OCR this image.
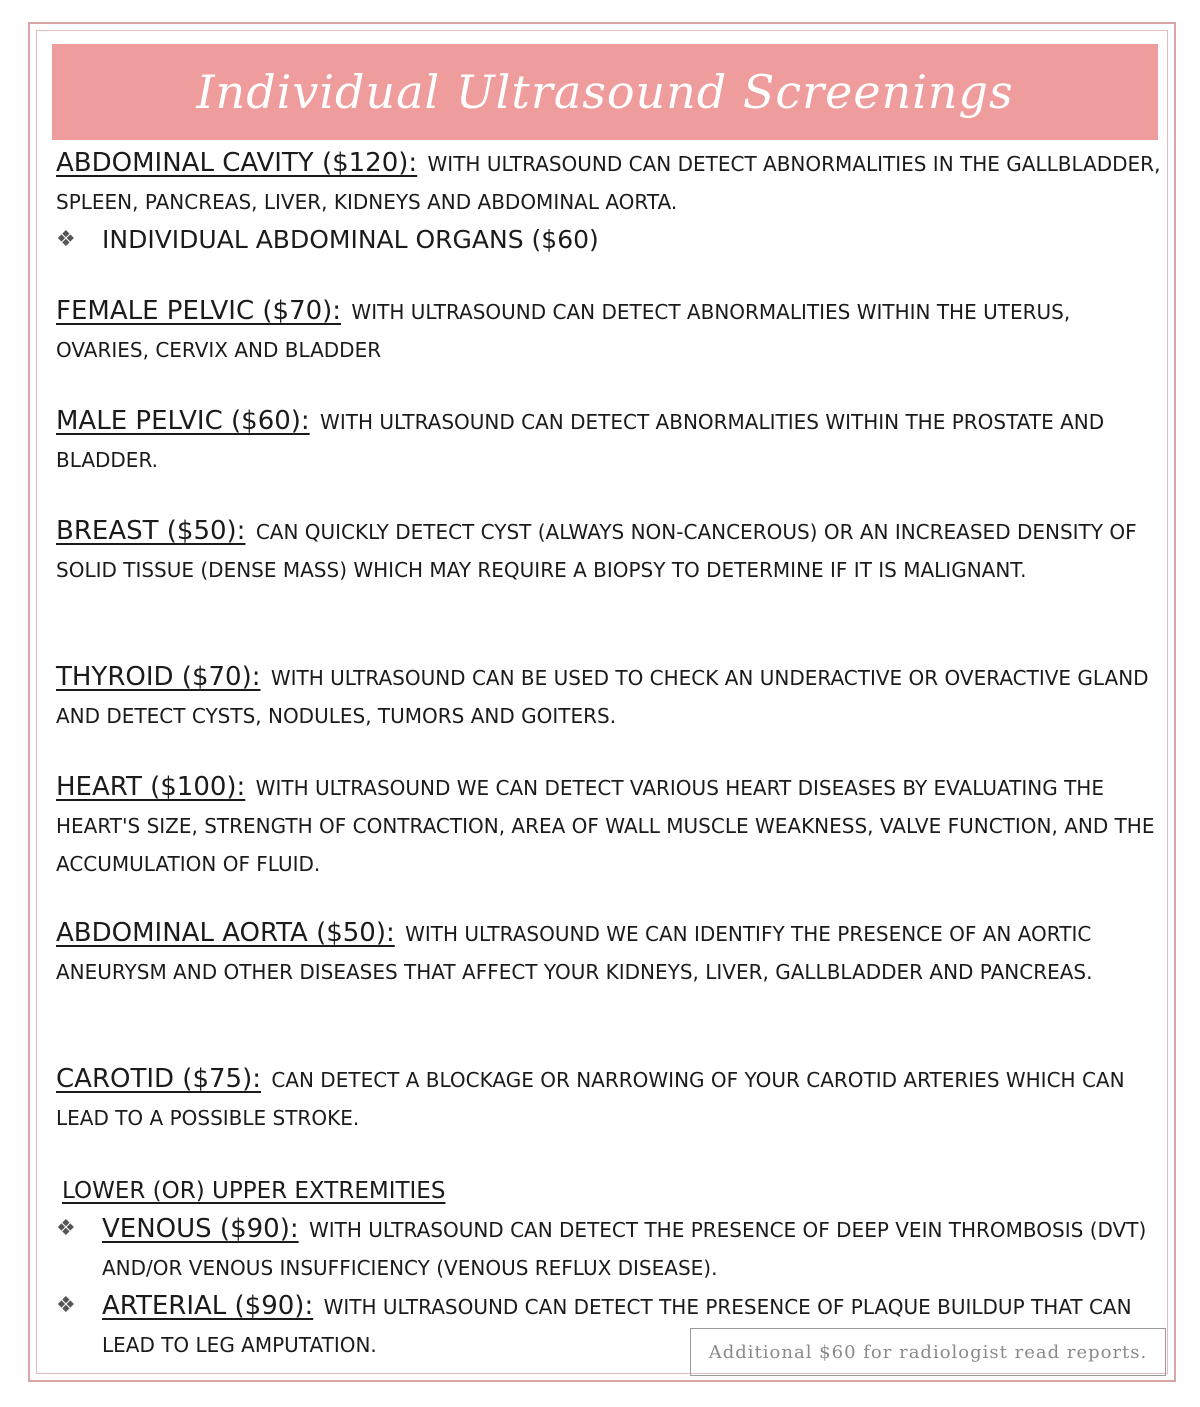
Individual Ultrasound Screenings
ABDOMINAL CAVITY ($120): WITH ULTRASOUND CAN DETECT ABNORMALITIES IN THE GALLBLADDER, SPLEEN, PANCREAS, LIVER, KIDNEYS AND ABDOMINAL AORTA.
❖	INDIVIDUAL ABDOMINAL ORGANS ($60)
FEMALE PELVIC ($70): WITH ULTRASOUND CAN DETECT ABNORMALITIES WITHIN THE UTERUS, OVARIES, CERVIX AND BLADDER
MALE PELVIC ($60): WITH ULTRASOUND CAN DETECT ABNORMALITIES WITHIN THE PROSTATE AND BLADDER.
BREAST ($50): CAN QUICKLY DETECT CYST (ALWAYS NON-CANCEROUS) OR AN INCREASED DENSITY OF SOLID TISSUE (DENSE MASS) WHICH MAY REQUIRE A BIOPSY TO DETERMINE IF IT IS MALIGNANT.
THYROID ($70): WITH ULTRASOUND CAN BE USED TO CHECK AN UNDERACTIVE OR OVERACTIVE GLAND AND DETECT CYSTS, NODULES, TUMORS AND GOITERS.
HEART ($100): WITH ULTRASOUND WE CAN DETECT VARIOUS HEART DISEASES BY EVALUATING THE HEART'S SIZE, STRENGTH OF CONTRACTION, AREA OF WALL MUSCLE WEAKNESS, VALVE FUNCTION, AND THE ACCUMULATION OF FLUID.
ABDOMINAL AORTA ($50): WITH ULTRASOUND WE CAN IDENTIFY THE PRESENCE OF AN AORTIC ANEURYSM AND OTHER DISEASES THAT AFFECT YOUR KIDNEYS, LIVER, GALLBLADDER AND PANCREAS.
CAROTID ($75): CAN DETECT A BLOCKAGE OR NARROWING OF YOUR CAROTID ARTERIES WHICH CAN LEAD TO A POSSIBLE STROKE.
LOWER (OR) UPPER EXTREMITIES
❖	VENOUS ($90): WITH ULTRASOUND CAN DETECT THE PRESENCE OF DEEP VEIN THROMBOSIS (DVT) AND/OR VENOUS INSUFFICIENCY (VENOUS REFLUX DISEASE).
❖	ARTERIAL ($90): WITH ULTRASOUND CAN DETECT THE PRESENCE OF PLAQUE BUILDUP THAT CAN LEAD TO LEG AMPUTATION.	Additional $60 for radiologist read reports.
